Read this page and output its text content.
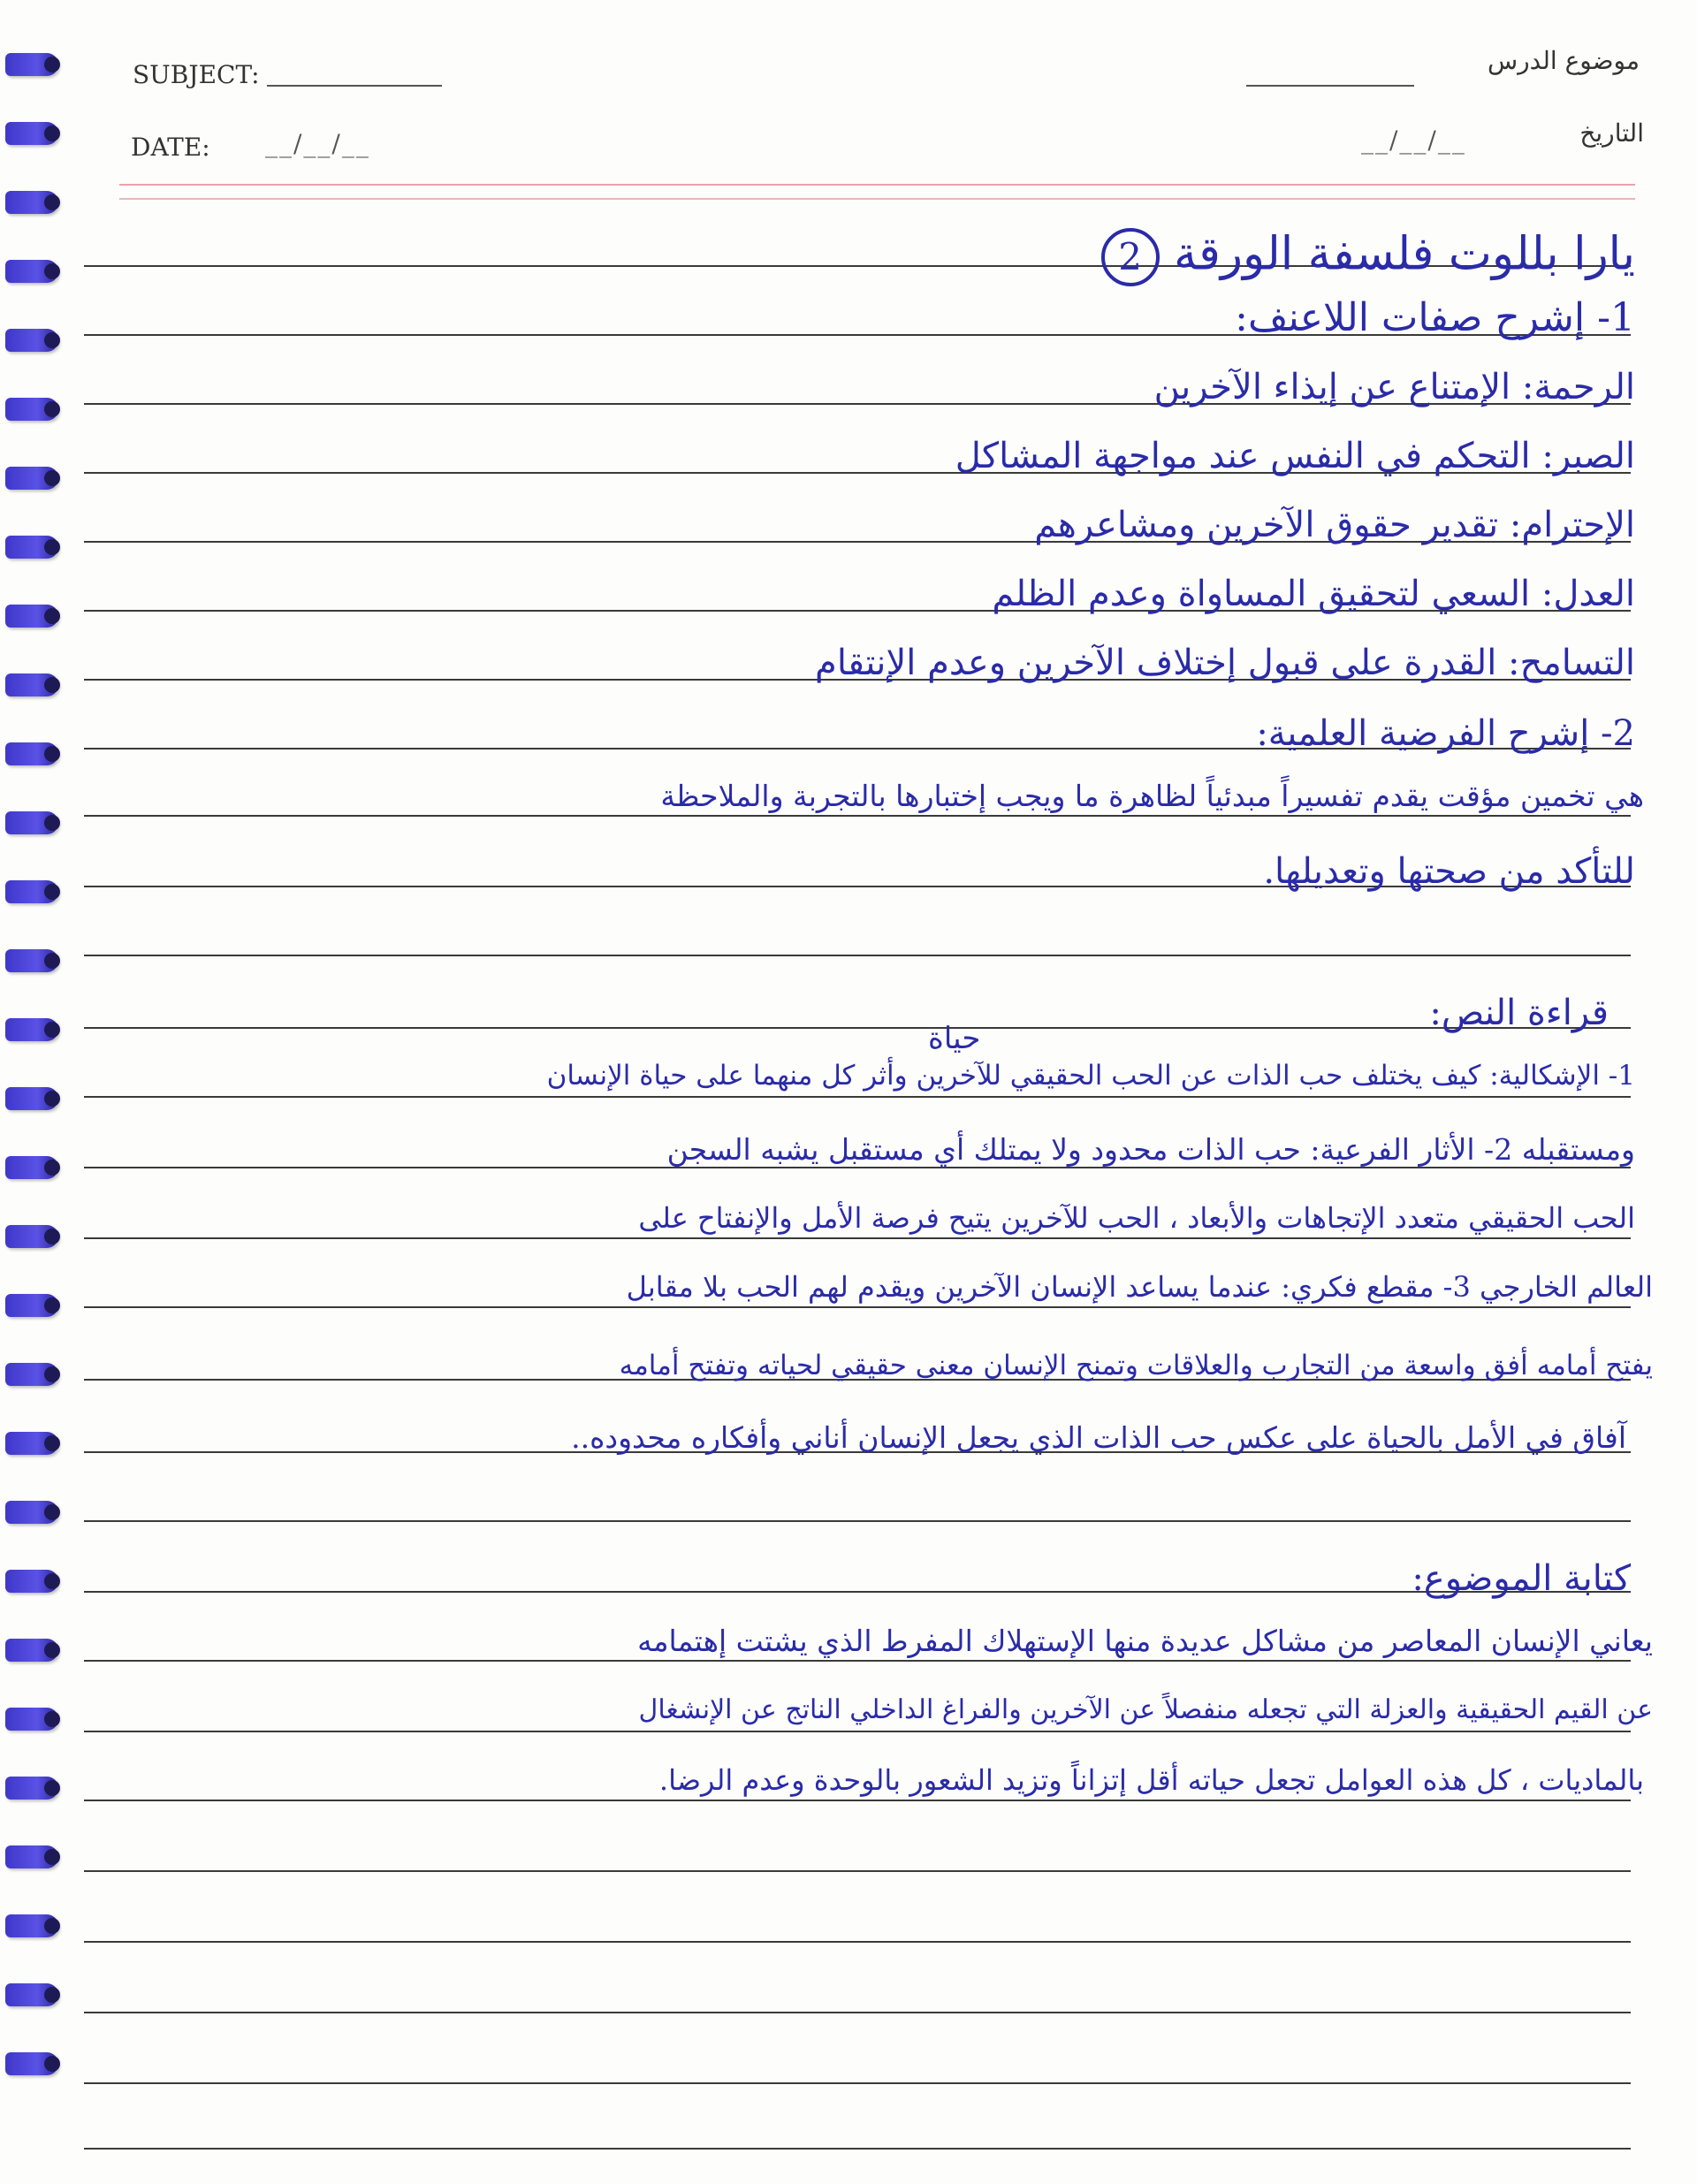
SUBJECT:
DATE: __/__/__
موضوع الدرس
التاريخ
__/__/__
يارا بللوت فلسفة الورقة 2
1- إشرح صفات اللاعنف:
الرحمة: الإمتناع عن إيذاء الآخرين
الصبر: التحكم في النفس عند مواجهة المشاكل
الإحترام: تقدير حقوق الآخرين ومشاعرهم
العدل: السعي لتحقيق المساواة وعدم الظلم
التسامح: القدرة على قبول إختلاف الآخرين وعدم الإنتقام
2- إشرح الفرضية العلمية:
هي تخمين مؤقت يقدم تفسيراً مبدئياً لظاهرة ما ويجب إختبارها بالتجربة والملاحظة
للتأكد من صحتها وتعديلها.
قراءة النص:
حياة
1- الإشكالية: كيف يختلف حب الذات عن الحب الحقيقي للآخرين وأثر كل منهما على حياة الإنسان
ومستقبله 2- الأثار الفرعية: حب الذات محدود ولا يمتلك أي مستقبل يشبه السجن
الحب الحقيقي متعدد الإتجاهات والأبعاد ، الحب للآخرين يتيح فرصة الأمل والإنفتاح على
العالم الخارجي 3- مقطع فكري: عندما يساعد الإنسان الآخرين ويقدم لهم الحب بلا مقابل
يفتح أمامه أفق واسعة من التجارب والعلاقات وتمنح الإنسان معنى حقيقي لحياته وتفتح أمامه
آفاق في الأمل بالحياة على عكس حب الذات الذي يجعل الإنسان أناني وأفكاره محدوده..
كتابة الموضوع:
يعاني الإنسان المعاصر من مشاكل عديدة منها الإستهلاك المفرط الذي يشتت إهتمامه
عن القيم الحقيقية والعزلة التي تجعله منفصلاً عن الآخرين والفراغ الداخلي الناتج عن الإنشغال
بالماديات ، كل هذه العوامل تجعل حياته أقل إتزاناً وتزيد الشعور بالوحدة وعدم الرضا.
